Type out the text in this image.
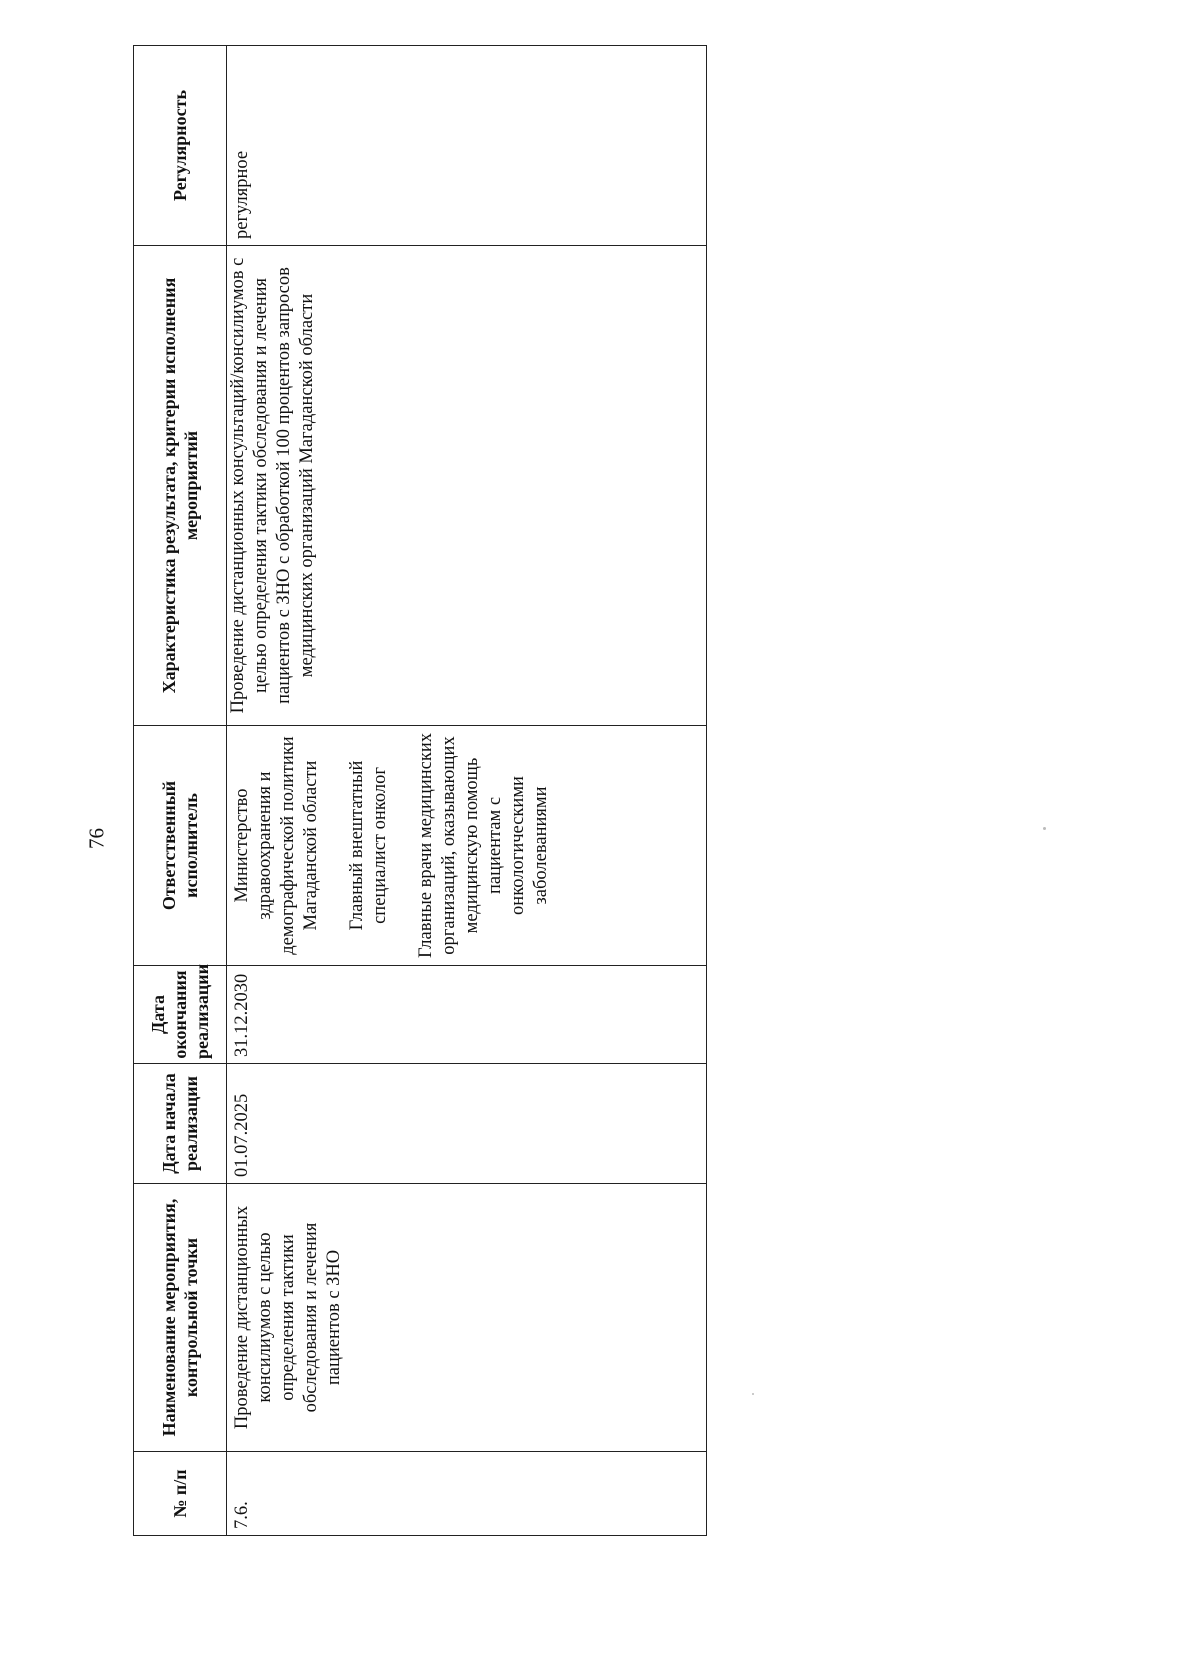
76
№ п/п	Наименование мероприятия, контрольной точки	Дата начала реализации	Дата окончания реализации	Ответственный исполнитель	Характеристика результата, критерии исполнения мероприятий	Регулярность
7.6.	Проведение дистанционных консилиумов с целью определения тактики обследования и лечения пациентов с ЗНО	01.07.2025	31.12.2030	Министерство здравоохранения и демографической политики Магаданской области Главный внештатный специалист онколог Главные врачи медицинских организаций, оказывающих медицинскую помощь пациентам с онкологическими заболеваниями	Проведение дистанционных консультаций/консилиумов с целью определения тактики обследования и лечения пациентов с ЗНО с обработкой 100 процентов запросов медицинских организаций Магаданской области	регулярное
